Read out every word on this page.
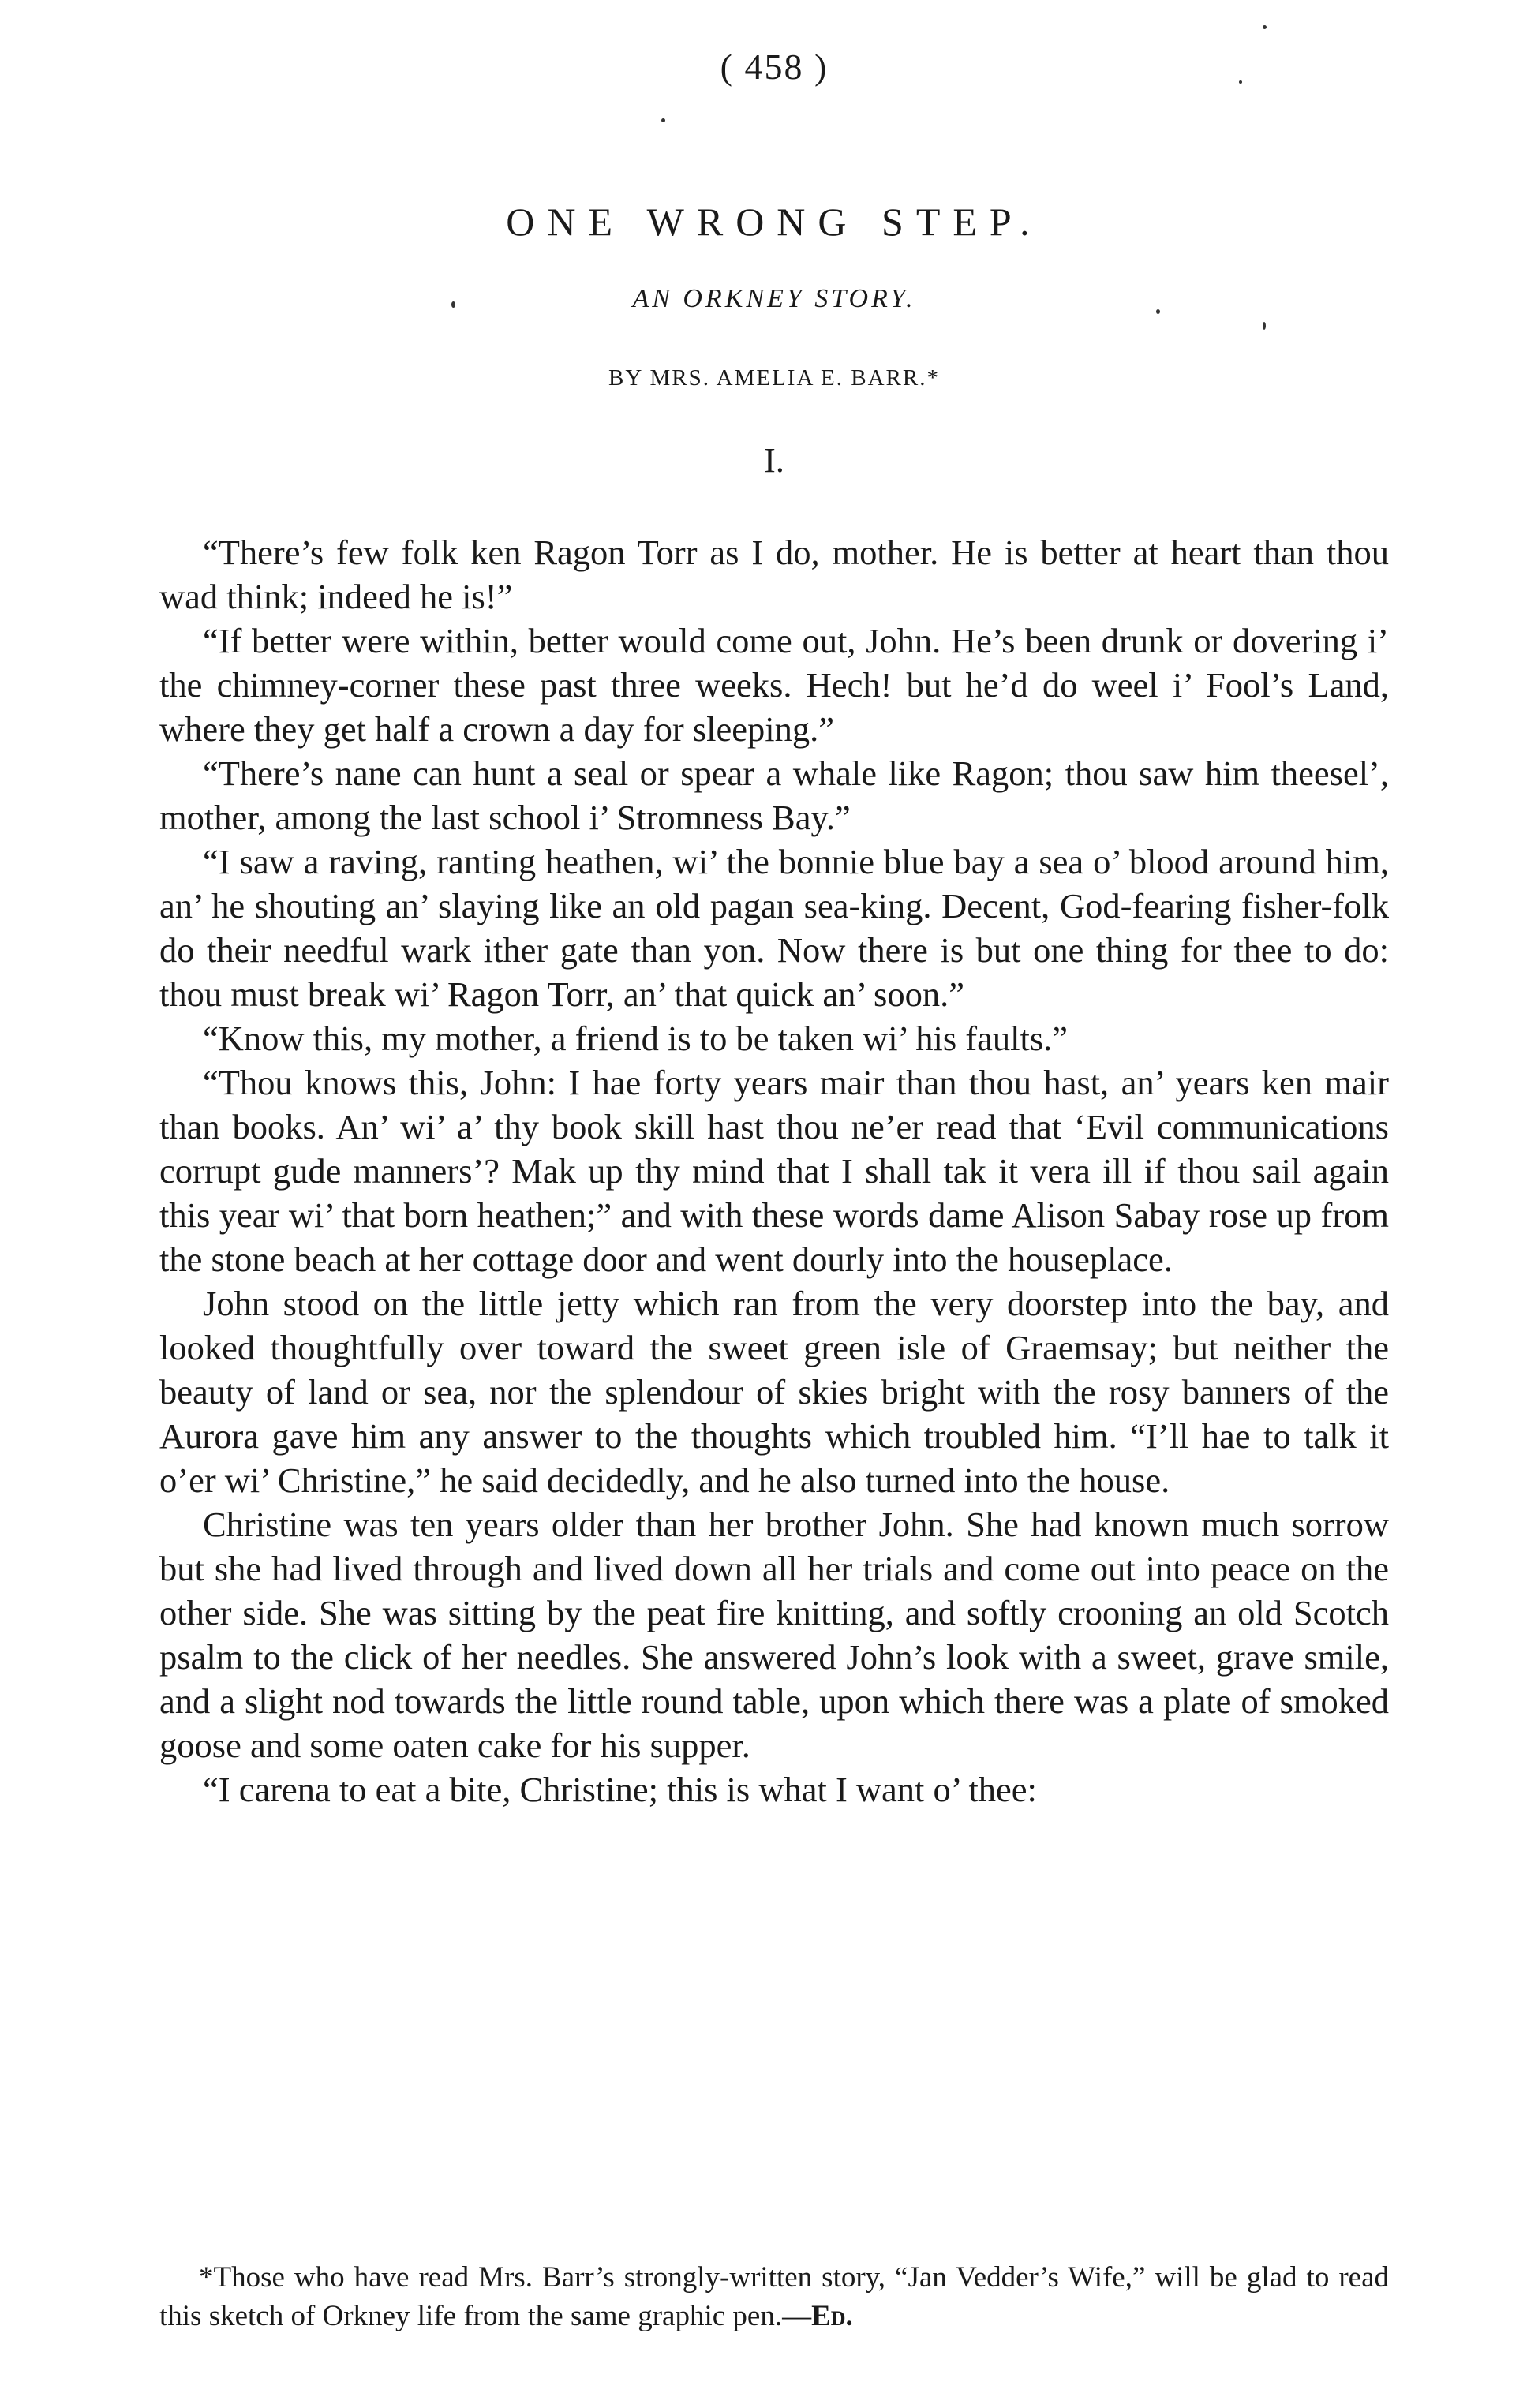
( 458 )
ONE WRONG STEP.
AN ORKNEY STORY.
BY MRS. AMELIA E. BARR.*
I.

“There’s few folk ken Ragon Torr as I do, mother. He is better at heart than thou wad think; indeed he is!”

“If better were within, better would come out, John. He’s been drunk or dovering i’ the chimney-corner these past three weeks. Hech! but he’d do weel i’ Fool’s Land, where they get half a crown a day for sleeping.”

“There’s nane can hunt a seal or spear a whale like Ragon; thou saw him theesel’, mother, among the last school i’ Stromness Bay.”

“I saw a raving, ranting heathen, wi’ the bonnie blue bay a sea o’ blood around him, an’ he shouting an’ slaying like an old pagan sea-king. Decent, God-fearing fisher-folk do their needful wark ither gate than yon. Now there is but one thing for thee to do: thou must break wi’ Ragon Torr, an’ that quick an’ soon.”

“Know this, my mother, a friend is to be taken wi’ his faults.”

“Thou knows this, John: I hae forty years mair than thou hast, an’ years ken mair than books. An’ wi’ a’ thy book skill hast thou ne’er read that ‘Evil communications corrupt gude manners’? Mak up thy mind that I shall tak it vera ill if thou sail again this year wi’ that born heathen;” and with these words dame Alison Sabay rose up from the stone beach at her cottage door and went dourly into the houseplace.

John stood on the little jetty which ran from the very doorstep into the bay, and looked thoughtfully over toward the sweet green isle of Graemsay; but neither the beauty of land or sea, nor the splendour of skies bright with the rosy banners of the Aurora gave him any answer to the thoughts which troubled him. “I’ll hae to talk it o’er wi’ Christine,” he said decidedly, and he also turned into the house.

Christine was ten years older than her brother John. She had known much sorrow but she had lived through and lived down all her trials and come out into peace on the other side. She was sitting by the peat fire knitting, and softly crooning an old Scotch psalm to the click of her needles. She answered John’s look with a sweet, grave smile, and a slight nod towards the little round table, upon which there was a plate of smoked goose and some oaten cake for his supper.

“I carena to eat a bite, Christine; this is what I want o’ thee:

*Those who have read Mrs. Barr’s strongly-written story, “Jan Vedder’s Wife,” will be glad to read this sketch of Orkney life from the same graphic pen.—Ed.
